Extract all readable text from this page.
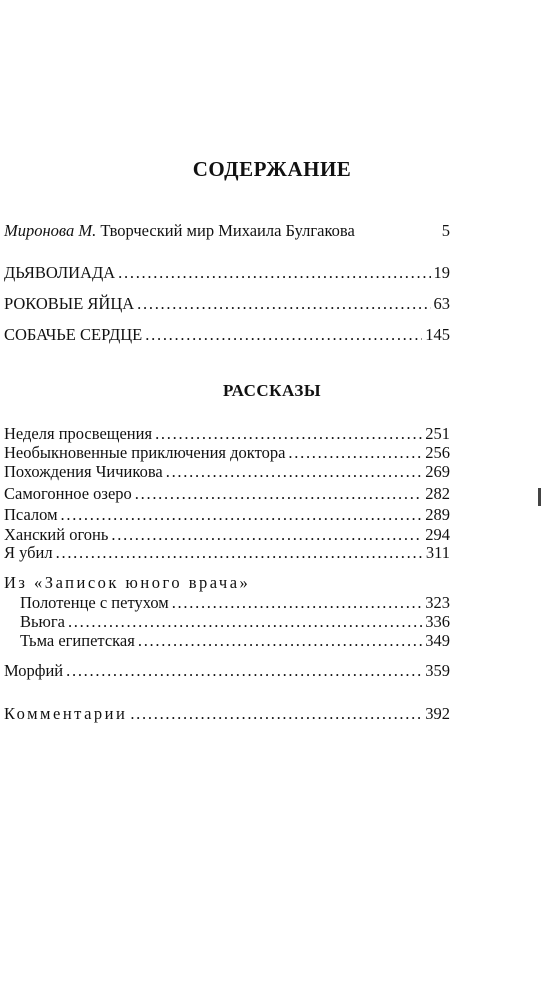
СОДЕРЖАНИЕ
Миронова М. Творческий мир Михаила Булгакова	5
ДЬЯВОЛИАДА . . .	19
РОКОВЫЕ ЯЙЦА . . .	63
СОБАЧЬЕ СЕРДЦЕ . . .	145
РАССКАЗЫ
Неделя просвещения . . .	251
Необыкновенные приключения доктора . . .	256
Похождения Чичикова . . .	269
Самогонное озеро . . .	282
Псалом . . .	289
Ханский огонь . . .	294
Я убил . . .	311
Из «Записок юного врача»
Полотенце с петухом . . .	323
Вьюга . . .	336
Тьма египетская . . .	349
Морфий . . .	359
Комментарии . . .	392
